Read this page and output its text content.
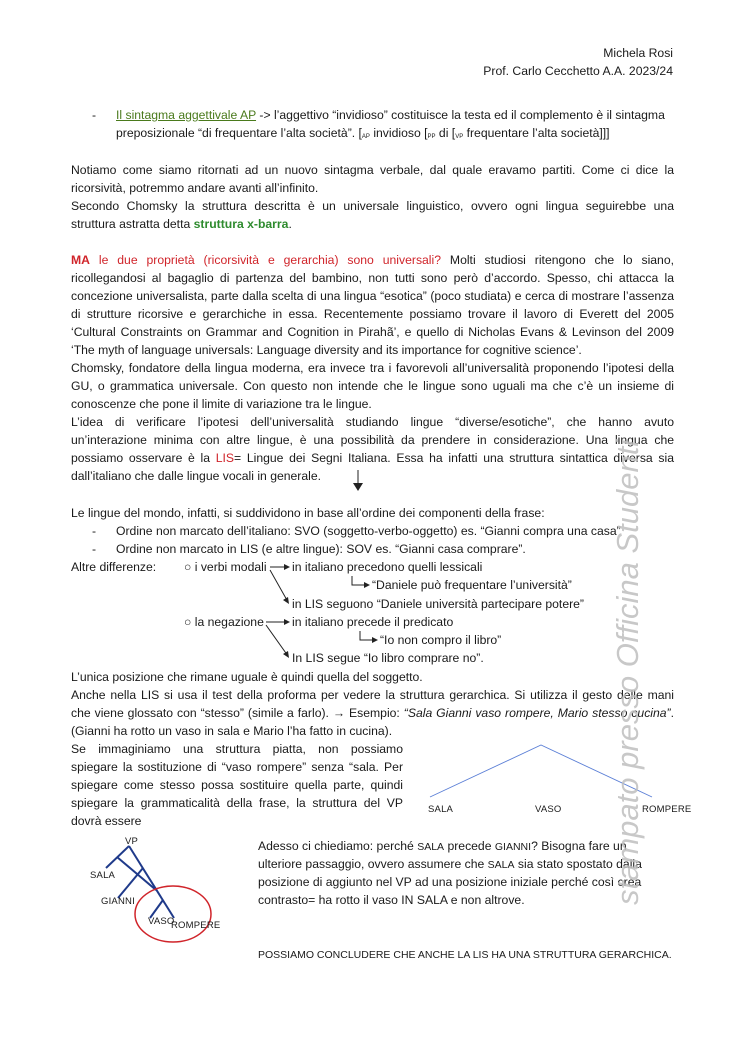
Michela Rosi
Prof. Carlo Cecchetto A.A. 2023/24
- Il sintagma aggettivale AP -> l’aggettivo “invidioso” costituisce la testa ed il complemento è il sintagma
preposizionale “di frequentare l’alta società”. [AP invidioso [PP di [VP frequentare l’alta società]]]
Notiamo come siamo ritornati ad un nuovo sintagma verbale, dal quale eravamo partiti. Come ci dice la
ricorsività, potremmo andare avanti all’infinito.
Secondo Chomsky la struttura descritta è un universale linguistico, ovvero ogni lingua seguirebbe una
struttura astratta detta struttura x-barra.
MA le due proprietà (ricorsività e gerarchia) sono universali? Molti studiosi ritengono che lo siano,
ricollegandosi al bagaglio di partenza del bambino, non tutti sono però d’accordo. Spesso, chi attacca la
concezione universalista, parte dalla scelta di una lingua “esotica” (poco studiata) e cerca di mostrare l’assenza
di strutture ricorsive e gerarchiche in essa. Recentemente possiamo trovare il lavoro di Everett del 2005
‘Cultural Constraints on Grammar and Cognition in Pirahã’, e quello di Nicholas Evans & Levinson del 2009
‘The myth of language universals: Language diversity and its importance for cognitive science’.
Chomsky, fondatore della lingua moderna, era invece tra i favorevoli all’universalità proponendo l’ipotesi della
GU, o grammatica universale. Con questo non intende che le lingue sono uguali ma che c’è un insieme di
conoscenze che pone il limite di variazione tra le lingue.
L’idea di verificare l’ipotesi dell’universalità studiando lingue “diverse/esotiche”, che hanno avuto
un’interazione minima con altre lingue, è una possibilità da prendere in considerazione. Una lingua che
possiamo osservare è la LIS= Lingue dei Segni Italiana. Essa ha infatti una struttura sintattica diversa sia
dall’italiano che dalle lingue vocali in generale.
Le lingue del mondo, infatti, si suddividono in base all’ordine dei componenti della frase:
- Ordine non marcato dell’italiano: SVO (soggetto-verbo-oggetto) es. “Gianni compra una casa”
- Ordine non marcato in LIS (e altre lingue): SOV es. “Gianni casa comprare”.
Altre differenze: ○ i verbi modali in italiano precedono quelli lessicali
“Daniele può frequentare l’università”
in LIS seguono “Daniele università partecipare potere”
○ la negazione in italiano precede il predicato
“Io non compro il libro”
In LIS segue “Io libro comprare no”.
L’unica posizione che rimane uguale è quindi quella del soggetto.
Anche nella LIS si usa il test della proforma per vedere la struttura gerarchica. Si utilizza il gesto delle mani
che viene glossato con “stesso” (simile a farlo). → Esempio: “Sala Gianni vaso rompere, Mario stesso cucina”.
(Gianni ha rotto un vaso in sala e Mario l’ha fatto in cucina).
Se immaginiamo una struttura piatta, non possiamo
spiegare la sostituzione di “vaso rompere” senza “sala. Per
spiegare come stesso possa sostituire quella parte, quindi
spiegare la grammaticalità della frase, la struttura del VP
dovrà essere
SALA	VASO	ROMPERE
VP
SALA
GIANNI
VASO
ROMPERE
Adesso ci chiediamo: perché SALA precede GIANNI? Bisogna fare un
ulteriore passaggio, ovvero assumere che SALA sia stato spostato dalla
posizione di aggiunto nel VP ad una posizione iniziale perché così crea
contrasto= ha rotto il vaso IN SALA e non altrove.
POSSIAMO CONCLUDERE CHE ANCHE LA LIS HA UNA STRUTTURA GERARCHICA.
stampato presso Officina Studenti
